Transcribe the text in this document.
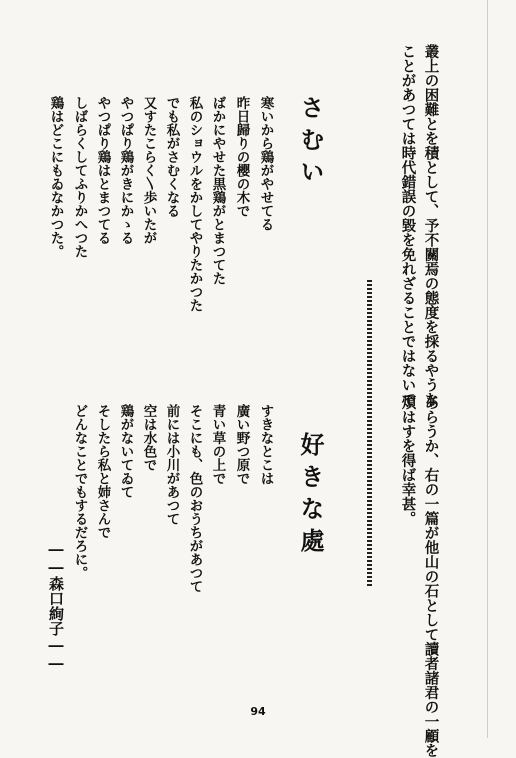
叢上の困難とを積として、予不關焉の態度を採るやうな
ことがあつては時代錯誤の毀を免れざることではないで
あらうか、右の一篇が他山の石として讀者諸君の一顧を
煩はすを得ば幸甚。
さむい
寒いから鶏がやせてる
昨日歸りの櫻の木で
ばかにやせた黒鶏がとまつてた
私のショウルをかしてやりたかつた
でも私がさむくなる
又すたこらく〵歩いたが
やつぱり鶏がきにかゝる
やつぱり鶏はとまつてる
しばらくしてふりかへつた
鶏はどこにもゐなかつた。
好きな處
すきなとこは
廣い野つ原で
青い草の上で
そこにも、色のおうちがあつて
前には小川があつて
空は水色で
鶏がないてゐて
そしたら私と姉さんで
どんなことでもするだろに。
――森口絢子――
94
